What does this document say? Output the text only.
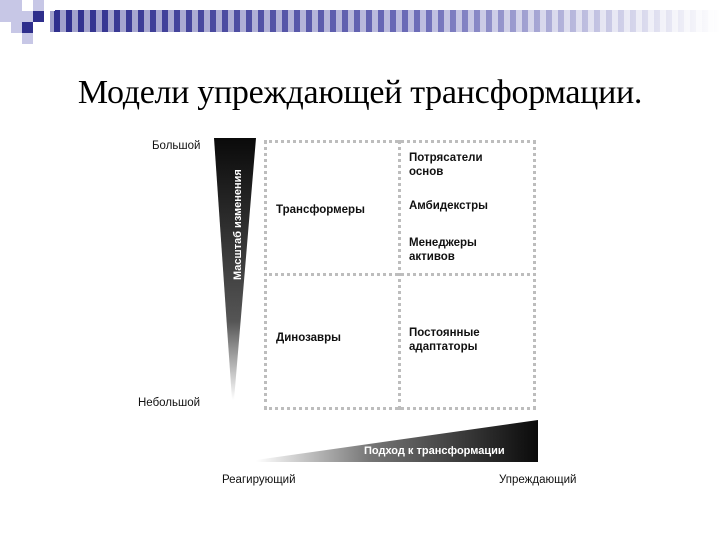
Модели упреждающей трансформации.
Масштаб изменения
Подход к трансформации
Большой
Небольшой
Реагирующий	Упреждающий
Трансформеры
Потрясатели
основ
Амбидекстры
Менеджеры
активов
Динозавры	Постоянные
адаптаторы
